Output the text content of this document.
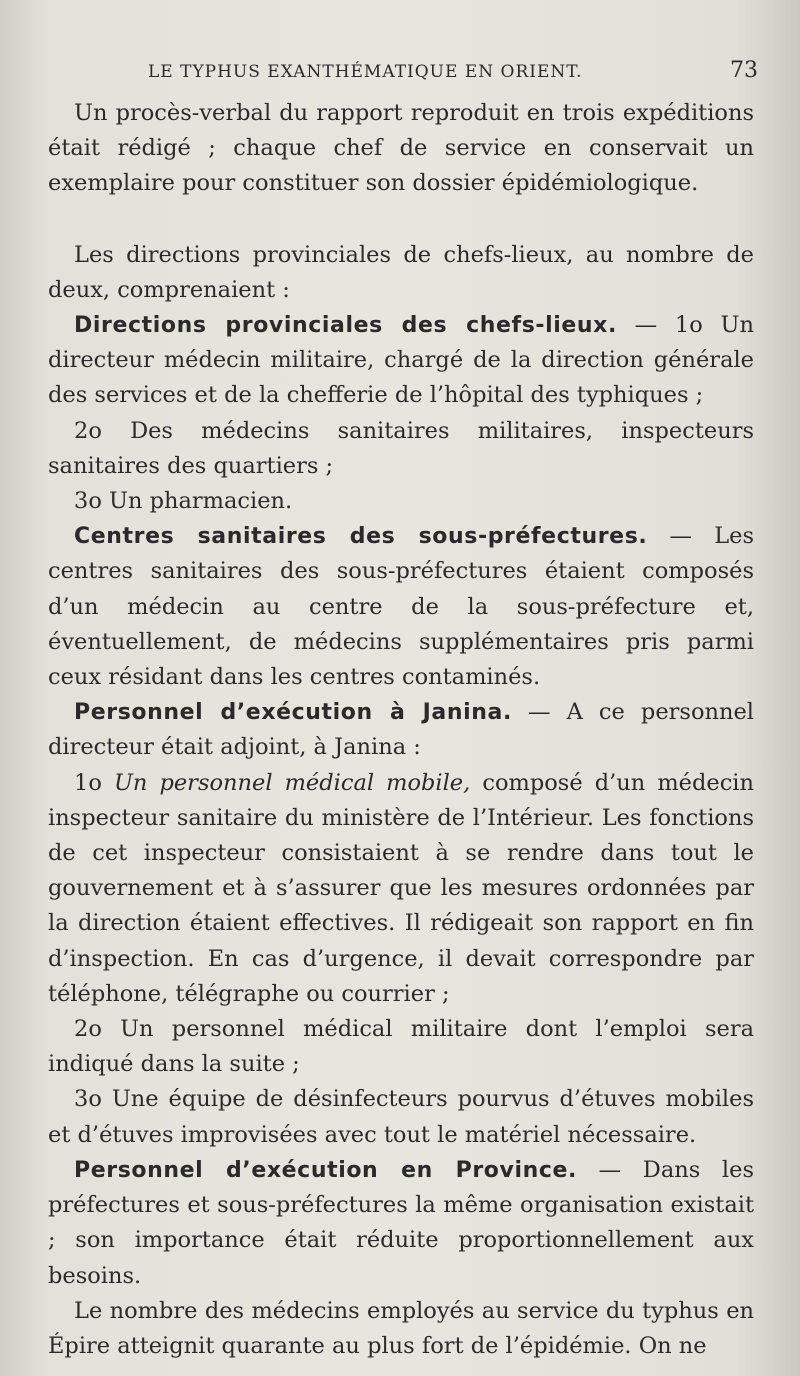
LE TYPHUS EXANTHÉMATIQUE EN ORIENT.	73

Un procès-verbal du rapport reproduit en trois expéditions était rédigé ; chaque chef de service en conservait un exemplaire pour constituer son dossier épidémiologique.

Les directions provinciales de chefs-lieux, au nombre de deux, comprenaient :

Directions provinciales des chefs-lieux. — 1o Un directeur médecin militaire, chargé de la direction générale des services et de la chefferie de l’hôpital des typhiques ;

2o Des médecins sanitaires militaires, inspecteurs sanitaires des quartiers ;

3o Un pharmacien.

Centres sanitaires des sous-préfectures. — Les centres sanitaires des sous-préfectures étaient composés d’un médecin au centre de la sous-préfecture et, éventuellement, de médecins supplémentaires pris parmi ceux résidant dans les centres contaminés.

Personnel d’exécution à Janina. — A ce personnel directeur était adjoint, à Janina :

1o Un personnel médical mobile, composé d’un médecin inspecteur sanitaire du ministère de l’Intérieur. Les fonctions de cet inspecteur consistaient à se rendre dans tout le gouvernement et à s’assurer que les mesures ordonnées par la direction étaient effectives. Il rédigeait son rapport en fin d’inspection. En cas d’urgence, il devait correspondre par téléphone, télégraphe ou courrier ;

2o Un personnel médical militaire dont l’emploi sera indiqué dans la suite ;

3o Une équipe de désinfecteurs pourvus d’étuves mobiles et d’étuves improvisées avec tout le matériel nécessaire.

Personnel d’exécution en Province. — Dans les préfectures et sous-préfectures la même organisation existait ; son importance était réduite proportionnellement aux besoins.

Le nombre des médecins employés au service du typhus en Épire atteignit quarante au plus fort de l’épidémie. On ne
